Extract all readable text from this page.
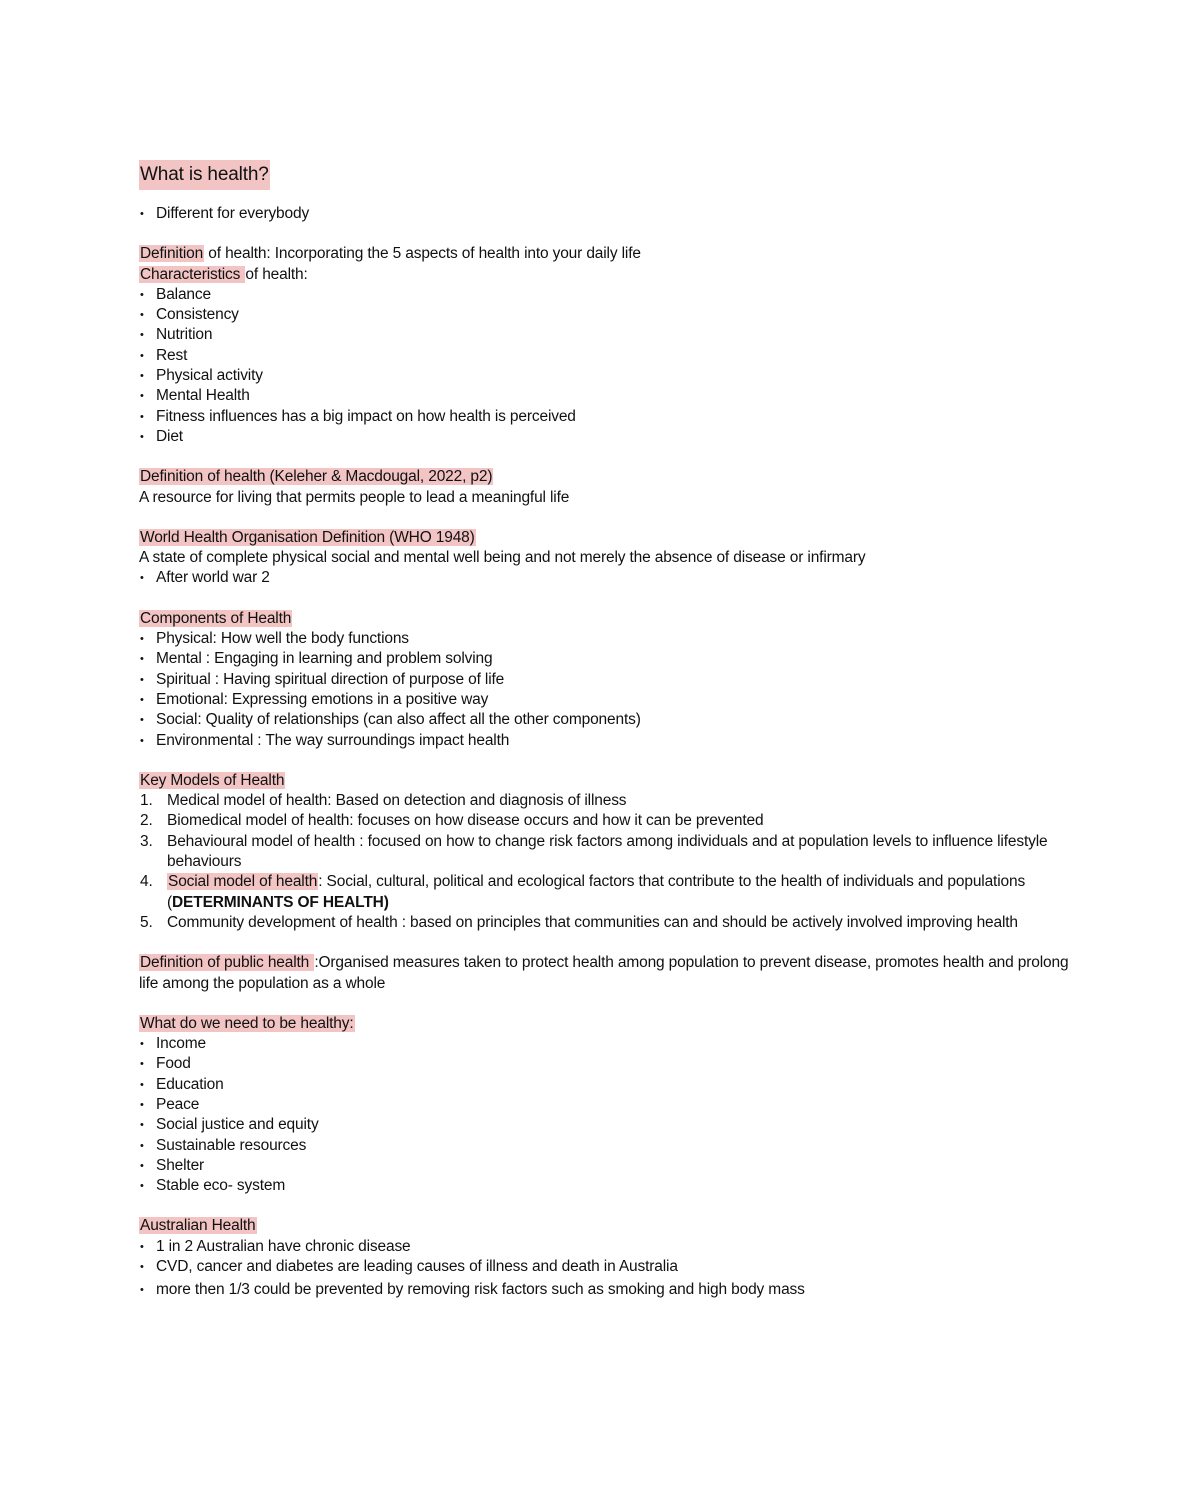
What is health?
• Different for everybody

Definition of health: Incorporating the 5 aspects of health into your daily life

Characteristics of health:

• Balance
• Consistency
• Nutrition
• Rest
• Physical activity
• Mental Health
• Fitness influences has a big impact on how health is perceived
• Diet

Definition of health (Keleher & Macdougal, 2022, p2)

A resource for living that permits people to lead a meaningful life

World Health Organisation Definition (WHO 1948)

A state of complete physical social and mental well being and not merely the absence of disease or infirmary

• After world war 2

Components of Health

• Physical: How well the body functions
• Mental : Engaging in learning and problem solving
• Spiritual : Having spiritual direction of purpose of life
• Emotional: Expressing emotions in a positive way
• Social: Quality of relationships (can also affect all the other components)
• Environmental : The way surroundings impact health

Key Models of Health

1. Medical model of health: Based on detection and diagnosis of illness
2. Biomedical model of health: focuses on how disease occurs and how it can be prevented
3. Behavioural model of health : focused on how to change risk factors among individuals and at population levels to influence lifestyle behaviours
4. Social model of health: Social, cultural, political and ecological factors that contribute to the health of individuals and populations (DETERMINANTS OF HEALTH)
5. Community development of health : based on principles that communities can and should be actively involved improving health

Definition of public health :Organised measures taken to protect health among population to prevent disease, promotes health and prolong life among the population as a whole

What do we need to be healthy:

• Income
• Food
• Education
• Peace
• Social justice and equity
• Sustainable resources
• Shelter
• Stable eco- system

Australian Health

• 1 in 2 Australian have chronic disease
• CVD, cancer and diabetes are leading causes of illness and death in Australia
• more then 1/3 could be prevented by removing risk factors such as smoking and high body mass
